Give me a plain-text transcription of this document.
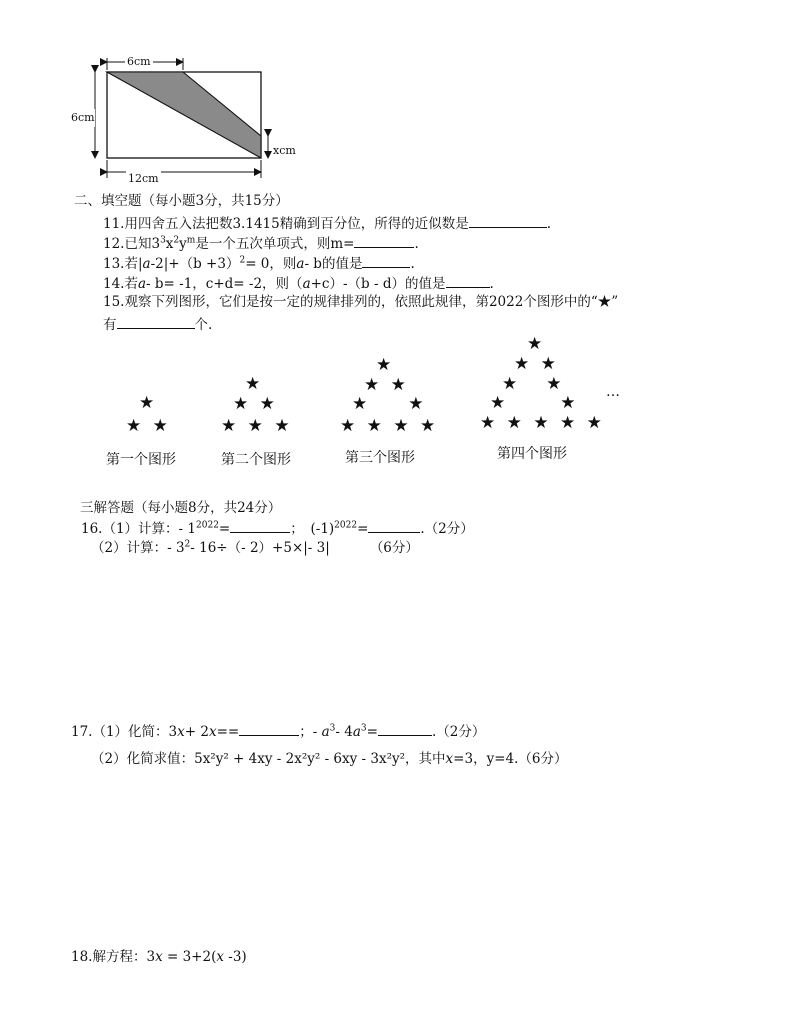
6cm
6cm
12cm
xcm
二、填空题（每小题3分，共15分）
11.用四舍五入法把数3.1415精确到百分位，所得的近似数是	.
12.已知$3^3x^2y^m$是一个五次单项式，则m=	.
13.若$|a-2|+(b +3)^2= 0$，则a- b的值是	.
14.若a- b= -1，c+d= -2，则（a+c）-（b - d）的值是	.
15.观察下列图形，它们是按一定的规律排列的，依照此规律，第2022个图形中的“★”
有	个.
★
★ ★
★
★ ★
★ ★ ★
★
★ ★
★ ★
★ ★ ★ ★
★
★ ★
★ ★
★	★
★ ★ ★ ★ ★
…
第一个图形	第二个图形	第三个图形	第四个图形
三解答题（每小题8分，共24分）
16.（1）计算：- $1^{2022}=$	；　$(-1)^{2022}=$	.（2分）
（2）计算：- $3^2-$ 16÷（- 2）+5×|- 3|	（6分）
17.（1）化简：3x+ 2x==	；- $a^3-$ $4a^3=$	.（2分）
（2）化简求值：5x²y² + 4xy - 2x²y² - 6xy - 3x²y²，其中x=3，y=4.（6分）
18.解方程：3x = 3+2(x -3)
